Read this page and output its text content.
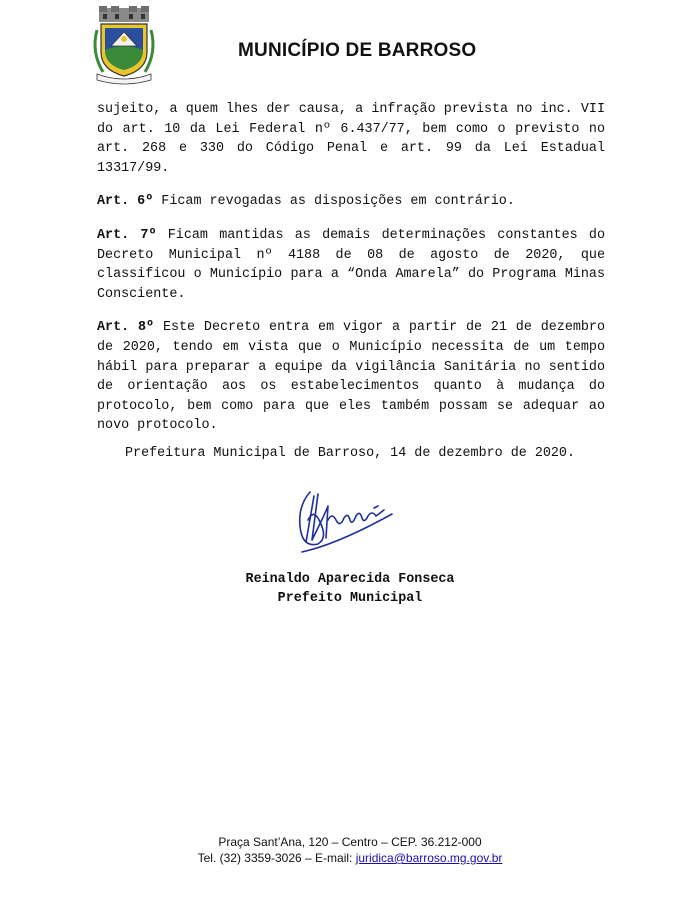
MUNICÍPIO DE BARROSO

sujeito, a quem lhes der causa, a infração prevista no inc. VII do art. 10 da Lei Federal nº 6.437/77, bem como o previsto no art. 268 e 330 do Código Penal e art. 99 da Lei Estadual 13317/99.

Art. 6º Ficam revogadas as disposições em contrário.

Art. 7º Ficam mantidas as demais determinações constantes do Decreto Municipal nº 4188 de 08 de agosto de 2020, que classificou o Município para a “Onda Amarela” do Programa Minas Consciente.

Art. 8º Este Decreto entra em vigor a partir de 21 de dezembro de 2020, tendo em vista que o Município necessita de um tempo hábil para preparar a equipe da vigilância Sanitária no sentido de orientação aos os estabelecimentos quanto à mudança do protocolo, bem como para que eles também possam se adequar ao novo protocolo.

Prefeitura Municipal de Barroso, 14 de dezembro de 2020.
Reinaldo Aparecida Fonseca
Prefeito Municipal
Praça Sant’Ana, 120 – Centro – CEP. 36.212-000
Tel. (32) 3359-3026 – E-mail: juridica@barroso.mg.gov.br
